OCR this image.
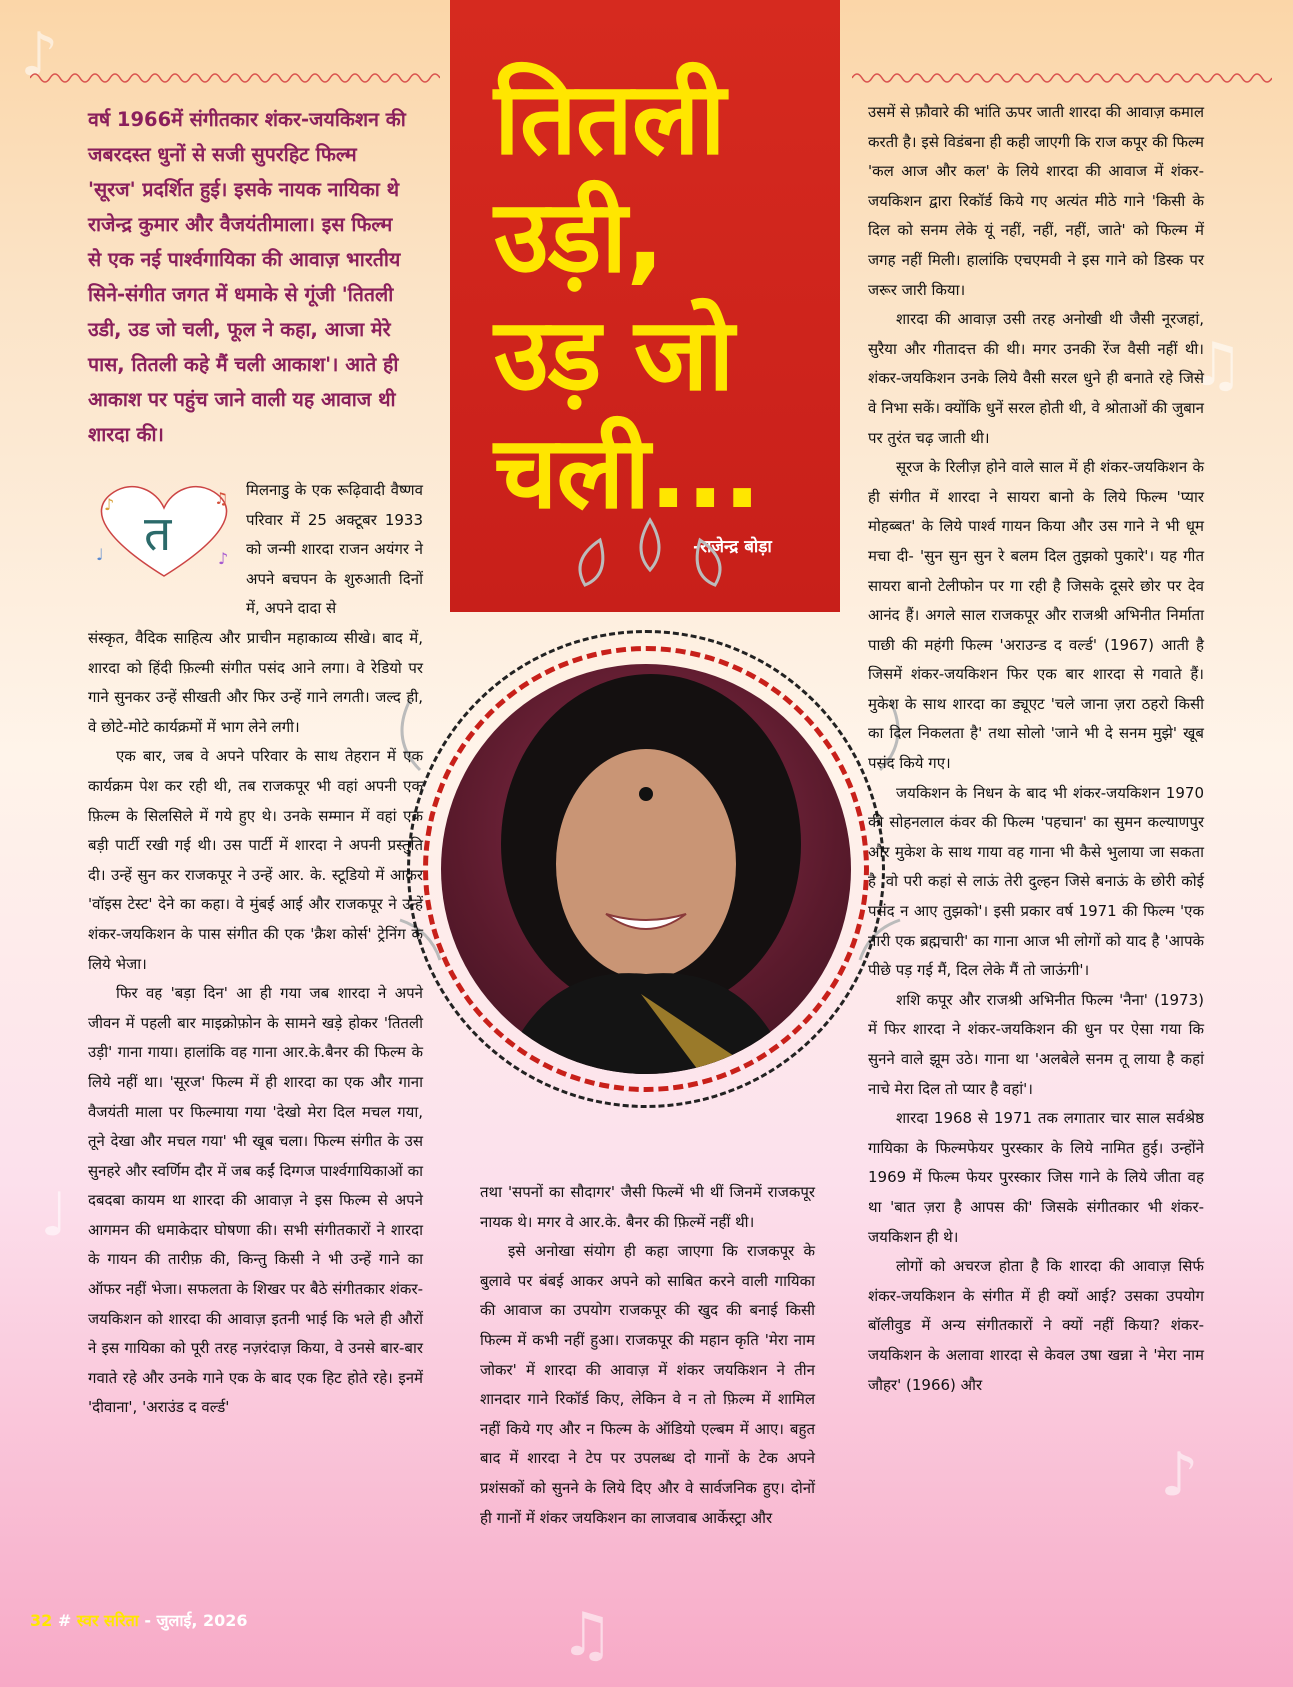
♪
♫
♩
♪
♫
तितली
उड़ी,
उड़ जो
चली...
-राजेन्द्र बोड़ा

वर्ष 1966में संगीतकार शंकर-जयकिशन की जबरदस्त धुनों से सजी सुपरहिट फिल्म 'सूरज' प्रदर्शित हुई। इसके नायक नायिका थे राजेन्द्र कुमार और वैजयंतीमाला। इस फिल्म से एक नई पार्श्वगायिका की आवाज़ भारतीय सिने-संगीत जगत में धमाके से गूंजी 'तितली उडी, उड जो चली, फूल ने कहा, आजा मेरे पास, तितली कहे मैं चली आकाश'। आते ही आकाश पर पहुंच जाने वाली यह आवाज थी शारदा की।

♪	♫
♩	♪
त

मिलनाडु के एक रूढ़िवादी वैष्णव परिवार में 25 अक्टूबर 1933 को जन्मी शारदा राजन अयंगर ने अपने बचपन के शुरुआती दिनों में, अपने दादा से

संस्कृत, वैदिक साहित्य और प्राचीन महाकाव्य सीखे। बाद में, शारदा को हिंदी फ़िल्मी संगीत पसंद आने लगा। वे रेडियो पर गाने सुनकर उन्हें सीखती और फिर उन्हें गाने लगती। जल्द ही, वे छोटे-मोटे कार्यक्रमों में भाग लेने लगी।

एक बार, जब वे अपने परिवार के साथ तेहरान में एक कार्यक्रम पेश कर रही थी, तब राजकपूर भी वहां अपनी एक फ़िल्म के सिलसिले में गये हुए थे। उनके सम्मान में वहां एक बड़ी पार्टी रखी गई थी। उस पार्टी में शारदा ने अपनी प्रस्तुति दी। उन्हें सुन कर राजकपूर ने उन्हें आर. के. स्टूडियो में आकर 'वॉइस टेस्ट' देने का कहा। वे मुंबई आई और राजकपूर ने उन्हें शंकर-जयकिशन के पास संगीत की एक 'क्रैश कोर्स' ट्रेनिंग के लिये भेजा।

फिर वह 'बड़ा दिन' आ ही गया जब शारदा ने अपने जीवन में पहली बार माइक्रोफ़ोन के सामने खड़े होकर 'तितली उड़ी' गाना गाया। हालांकि वह गाना आर.के.बैनर की फिल्म के लिये नहीं था। 'सूरज' फिल्म में ही शारदा का एक और गाना वैजयंती माला पर फिल्माया गया 'देखो मेरा दिल मचल गया, तूने देखा और मचल गया' भी खूब चला। फिल्म संगीत के उस सुनहरे और स्वर्णिम दौर में जब कईं दिग्गज पार्श्वगायिकाओं का दबदबा कायम था शारदा की आवाज़ ने इस फिल्म से अपने आगमन की धमाकेदार घोषणा की। सभी संगीतकारों ने शारदा के गायन की तारीफ़ की, किन्तु किसी ने भी उन्हें गाने का ऑफर नहीं भेजा। सफलता के शिखर पर बैठे संगीतकार शंकर-जयकिशन को शारदा की आवाज़ इतनी भाई कि भले ही औरों ने इस गायिका को पूरी तरह नज़रंदाज़ किया, वे उनसे बार-बार गवाते रहे और उनके गाने एक के बाद एक हिट होते रहे। इनमें 'दीवाना', 'अराउंड द वर्ल्ड'

तथा 'सपनों का सौदागर' जैसी फिल्में भी थीं जिनमें राजकपूर नायक थे। मगर वे आर.के. बैनर की फ़िल्में नहीं थी।

इसे अनोखा संयोग ही कहा जाएगा कि राजकपूर के बुलावे पर बंबई आकर अपने को साबित करने वाली गायिका की आवाज का उपयोग राजकपूर की खुद की बनाई किसी फिल्म में कभी नहीं हुआ। राजकपूर की महान कृति 'मेरा नाम जोकर' में शारदा की आवाज़ में शंकर जयकिशन ने तीन शानदार गाने रिकॉर्ड किए, लेकिन वे न तो फ़िल्म में शामिल नहीं किये गए और न फिल्म के ऑडियो एल्बम में आए। बहुत बाद में शारदा ने टेप पर उपलब्ध दो गानों के टेक अपने प्रशंसकों को सुनने के लिये दिए और वे सार्वजनिक हुए। दोनों ही गानों में शंकर जयकिशन का लाजवाब आर्केस्ट्रा और

उसमें से फ़ौवारे की भांति ऊपर जाती शारदा की आवाज़ कमाल करती है। इसे विडंबना ही कही जाएगी कि राज कपूर की फिल्म 'कल आज और कल' के लिये शारदा की आवाज में शंकर-जयकिशन द्वारा रिकॉर्ड किये गए अत्यंत मीठे गाने 'किसी के दिल को सनम लेके यूं नहीं, नहीं, नहीं, जाते' को फिल्म में जगह नहीं मिली। हालांकि एचएमवी ने इस गाने को डिस्क पर जरूर जारी किया।

शारदा की आवाज़ उसी तरह अनोखी थी जैसी नूरजहां, सुरैया और गीतादत्त की थी। मगर उनकी रेंज वैसी नहीं थी। शंकर-जयकिशन उनके लिये वैसी सरल धुने ही बनाते रहे जिसे वे निभा सकें। क्योंकि धुनें सरल होती थी, वे श्रोताओं की जुबान पर तुरंत चढ़ जाती थी।

सूरज के रिलीज़ होने वाले साल में ही शंकर-जयकिशन के ही संगीत में शारदा ने सायरा बानो के लिये फिल्म 'प्यार मोहब्बत' के लिये पार्श्व गायन किया और उस गाने ने भी धूम मचा दी- 'सुन सुन सुन रे बलम दिल तुझको पुकारे'। यह गीत सायरा बानो टेलीफोन पर गा रही है जिसके दूसरे छोर पर देव आनंद हैं। अगले साल राजकपूर और राजश्री अभिनीत निर्माता पाछी की महंगी फिल्म 'अराउन्ड द वर्ल्ड' (1967) आती है जिसमें शंकर-जयकिशन फिर एक बार शारदा से गवाते हैं। मुकेश के साथ शारदा का ड्यूएट 'चले जाना ज़रा ठहरो किसी का दिल निकलता है' तथा सोलो 'जाने भी दे सनम मुझे' खूब पसंद किये गए।

जयकिशन के निधन के बाद भी शंकर-जयकिशन 1970 की सोहनलाल कंवर की फिल्म 'पहचान' का सुमन कल्याणपुर और मुकेश के साथ गाया वह गाना भी कैसे भुलाया जा सकता है 'वो परी कहां से लाऊं तेरी दुल्हन जिसे बनाऊं के छोरी कोई पसंद न आए तुझको'। इसी प्रकार वर्ष 1971 की फिल्म 'एक नारी एक ब्रह्मचारी' का गाना आज भी लोगों को याद है 'आपके पीछे पड़ गई मैं, दिल लेके मैं तो जाऊंगी'।

शशि कपूर और राजश्री अभिनीत फिल्म 'नैना' (1973) में फिर शारदा ने शंकर-जयकिशन की धुन पर ऐसा गया कि सुनने वाले झूम उठे। गाना था 'अलबेले सनम तू लाया है कहां नाचे मेरा दिल तो प्यार है वहां'।

शारदा 1968 से 1971 तक लगातार चार साल सर्वश्रेष्ठ गायिका के फिल्मफेयर पुरस्कार के लिये नामित हुई। उन्होंने 1969 में फिल्म फेयर पुरस्कार जिस गाने के लिये जीता वह था 'बात ज़रा है आपस की' जिसके संगीतकार भी शंकर-जयकिशन ही थे।

लोगों को अचरज होता है कि शारदा की आवाज़ सिर्फ शंकर-जयकिशन के संगीत में ही क्यों आई? उसका उपयोग बॉलीवुड में अन्य संगीतकारों ने क्यों नहीं किया? शंकर-जयकिशन के अलावा शारदा से केवल उषा खन्ना ने 'मेरा नाम जौहर' (1966) और

32 # स्वर सरिता - जुलाई, 2026
